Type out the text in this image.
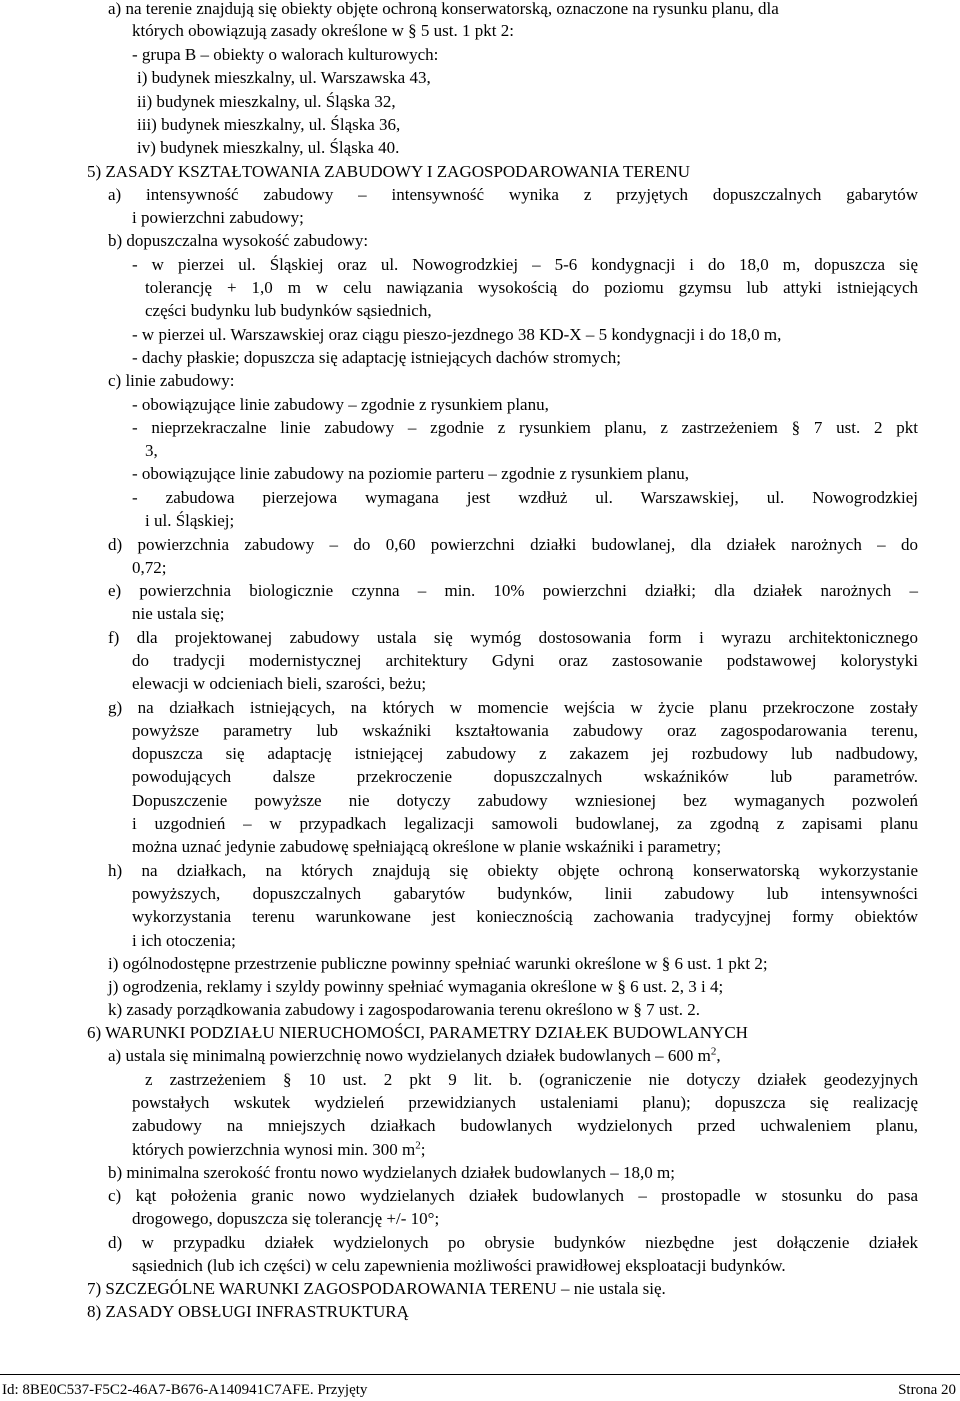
a) na terenie znajdują się obiekty objęte ochroną konserwatorską, oznaczone na rysunku planu, dla
których obowiązują zasady określone w § 5 ust. 1 pkt 2:
- grupa B – obiekty o walorach kulturowych:
i) budynek mieszkalny, ul. Warszawska 43,
ii) budynek mieszkalny, ul. Śląska 32,
iii) budynek mieszkalny, ul. Śląska 36,
iv) budynek mieszkalny, ul. Śląska 40.
5) ZASADY KSZTAŁTOWANIA ZABUDOWY I ZAGOSPODAROWANIA TERENU
a) intensywność zabudowy – intensywność wynika z przyjętych dopuszczalnych gabarytów
i powierzchni zabudowy;
b) dopuszczalna wysokość zabudowy:
- w pierzei ul. Śląskiej oraz ul. Nowogrodzkiej – 5-6 kondygnacji i do 18,0 m, dopuszcza się
tolerancję + 1,0 m w celu nawiązania wysokością do poziomu gzymsu lub attyki istniejących
części budynku lub budynków sąsiednich,
- w pierzei ul. Warszawskiej oraz ciągu pieszo-jezdnego 38 KD-X – 5 kondygnacji i do 18,0 m,
- dachy płaskie; dopuszcza się adaptację istniejących dachów stromych;
c) linie zabudowy:
- obowiązujące linie zabudowy – zgodnie z rysunkiem planu,
- nieprzekraczalne linie zabudowy – zgodnie z rysunkiem planu, z zastrzeżeniem § 7 ust. 2 pkt
3,
- obowiązujące linie zabudowy na poziomie parteru – zgodnie z rysunkiem planu,
- zabudowa pierzejowa wymagana jest wzdłuż ul. Warszawskiej, ul. Nowogrodzkiej
i ul. Śląskiej;
d) powierzchnia zabudowy – do 0,60 powierzchni działki budowlanej, dla działek narożnych – do
0,72;
e) powierzchnia biologicznie czynna – min. 10% powierzchni działki; dla działek narożnych –
nie ustala się;
f) dla projektowanej zabudowy ustala się wymóg dostosowania form i wyrazu architektonicznego
do tradycji modernistycznej architektury Gdyni oraz zastosowanie podstawowej kolorystyki
elewacji w odcieniach bieli, szarości, beżu;
g) na działkach istniejących, na których w momencie wejścia w życie planu przekroczone zostały
powyższe parametry lub wskaźniki kształtowania zabudowy oraz zagospodarowania terenu,
dopuszcza się adaptację istniejącej zabudowy z zakazem jej rozbudowy lub nadbudowy,
powodujących dalsze przekroczenie dopuszczalnych wskaźników lub parametrów.
Dopuszczenie powyższe nie dotyczy zabudowy wzniesionej bez wymaganych pozwoleń
i uzgodnień – w przypadkach legalizacji samowoli budowlanej, za zgodną z zapisami planu
można uznać jedynie zabudowę spełniającą określone w planie wskaźniki i parametry;
h) na działkach, na których znajdują się obiekty objęte ochroną konserwatorską wykorzystanie
powyższych, dopuszczalnych gabarytów budynków, linii zabudowy lub intensywności
wykorzystania terenu warunkowane jest koniecznością zachowania tradycyjnej formy obiektów
i ich otoczenia;
i) ogólnodostępne przestrzenie publiczne powinny spełniać warunki określone w § 6 ust. 1 pkt 2;
j) ogrodzenia, reklamy i szyldy powinny spełniać wymagania określone w § 6 ust. 2, 3 i 4;
k) zasady porządkowania zabudowy i zagospodarowania terenu określono w § 7 ust. 2.
6) WARUNKI PODZIAŁU NIERUCHOMOŚCI, PARAMETRY DZIAŁEK BUDOWLANYCH
a) ustala się minimalną powierzchnię nowo wydzielanych działek budowlanych – 600 $m^2$,
z zastrzeżeniem § 10 ust. 2 pkt 9 lit. b. (ograniczenie nie dotyczy działek geodezyjnych
powstałych wskutek wydzieleń przewidzianych ustaleniami planu); dopuszcza się realizację
zabudowy na mniejszych działkach budowlanych wydzielonych przed uchwaleniem planu,
których powierzchnia wynosi min. 300 $m^2$;
b) minimalna szerokość frontu nowo wydzielanych działek budowlanych – 18,0 m;
c) kąt położenia granic nowo wydzielanych działek budowlanych – prostopadle w stosunku do pasa
drogowego, dopuszcza się tolerancję +/- 10°;
d) w przypadku działek wydzielonych po obrysie budynków niezbędne jest dołączenie działek
sąsiednich (lub ich części) w celu zapewnienia możliwości prawidłowej eksploatacji budynków.
7) SZCZEGÓLNE WARUNKI ZAGOSPODAROWANIA TERENU – nie ustala się.
8) ZASADY OBSŁUGI INFRASTRUKTURĄ
Id: 8BE0C537-F5C2-46A7-B676-A140941C7AFE. Przyjęty	Strona 20
